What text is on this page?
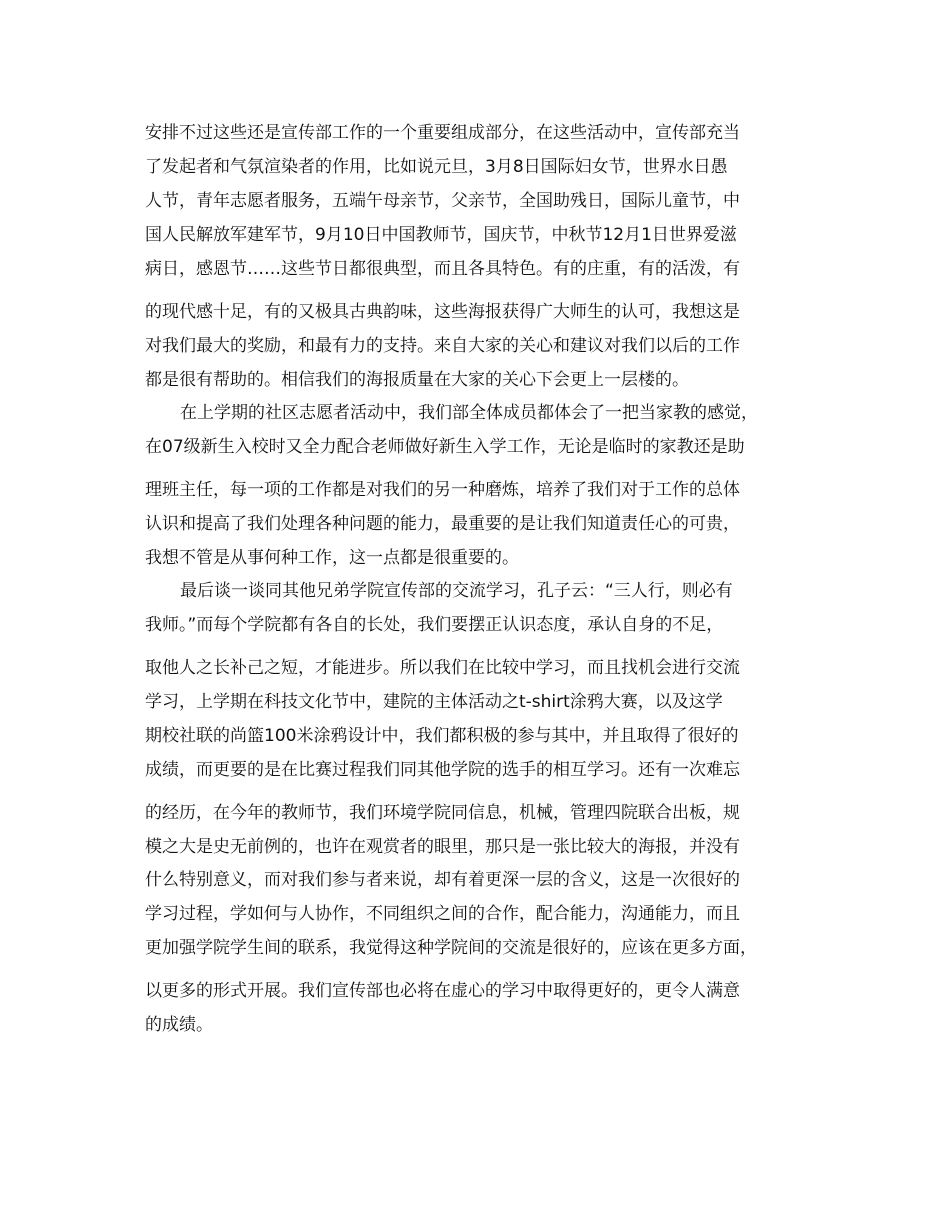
安排不过这些还是宣传部工作的一个重要组成部分，在这些活动中，宣传部充当
了发起者和气氛渲染者的作用，比如说元旦，3月8日国际妇女节，世界水日愚
人节，青年志愿者服务，五端午母亲节，父亲节，全国助残日，国际儿童节，中
国人民解放军建军节，9月10日中国教师节，国庆节，中秋节12月1日世界爱滋
病日，感恩节……这些节日都很典型，而且各具特色。有的庄重，有的活泼，有
的现代感十足，有的又极具古典韵味，这些海报获得广大师生的认可，我想这是
对我们最大的奖励，和最有力的支持。来自大家的关心和建议对我们以后的工作
都是很有帮助的。相信我们的海报质量在大家的关心下会更上一层楼的。
在上学期的社区志愿者活动中，我们部全体成员都体会了一把当家教的感觉，
在07级新生入校时又全力配合老师做好新生入学工作，无论是临时的家教还是助
理班主任，每一项的工作都是对我们的另一种磨炼，培养了我们对于工作的总体
认识和提高了我们处理各种问题的能力，最重要的是让我们知道责任心的可贵，
我想不管是从事何种工作，这一点都是很重要的。
最后谈一谈同其他兄弟学院宣传部的交流学习，孔子云：“三人行，则必有
我师。”而每个学院都有各自的长处，我们要摆正认识态度，承认自身的不足，
取他人之长补己之短，才能进步。所以我们在比较中学习，而且找机会进行交流
学习，上学期在科技文化节中，建院的主体活动之t-shirt涂鸦大赛，以及这学
期校社联的尚篮100米涂鸦设计中，我们都积极的参与其中，并且取得了很好的
成绩，而更要的是在比赛过程我们同其他学院的选手的相互学习。还有一次难忘
的经历，在今年的教师节，我们环境学院同信息，机械，管理四院联合出板，规
模之大是史无前例的，也许在观赏者的眼里，那只是一张比较大的海报，并没有
什么特别意义，而对我们参与者来说，却有着更深一层的含义，这是一次很好的
学习过程，学如何与人协作，不同组织之间的合作，配合能力，沟通能力，而且
更加强学院学生间的联系，我觉得这种学院间的交流是很好的，应该在更多方面，
以更多的形式开展。我们宣传部也必将在虚心的学习中取得更好的，更令人满意
的成绩。
